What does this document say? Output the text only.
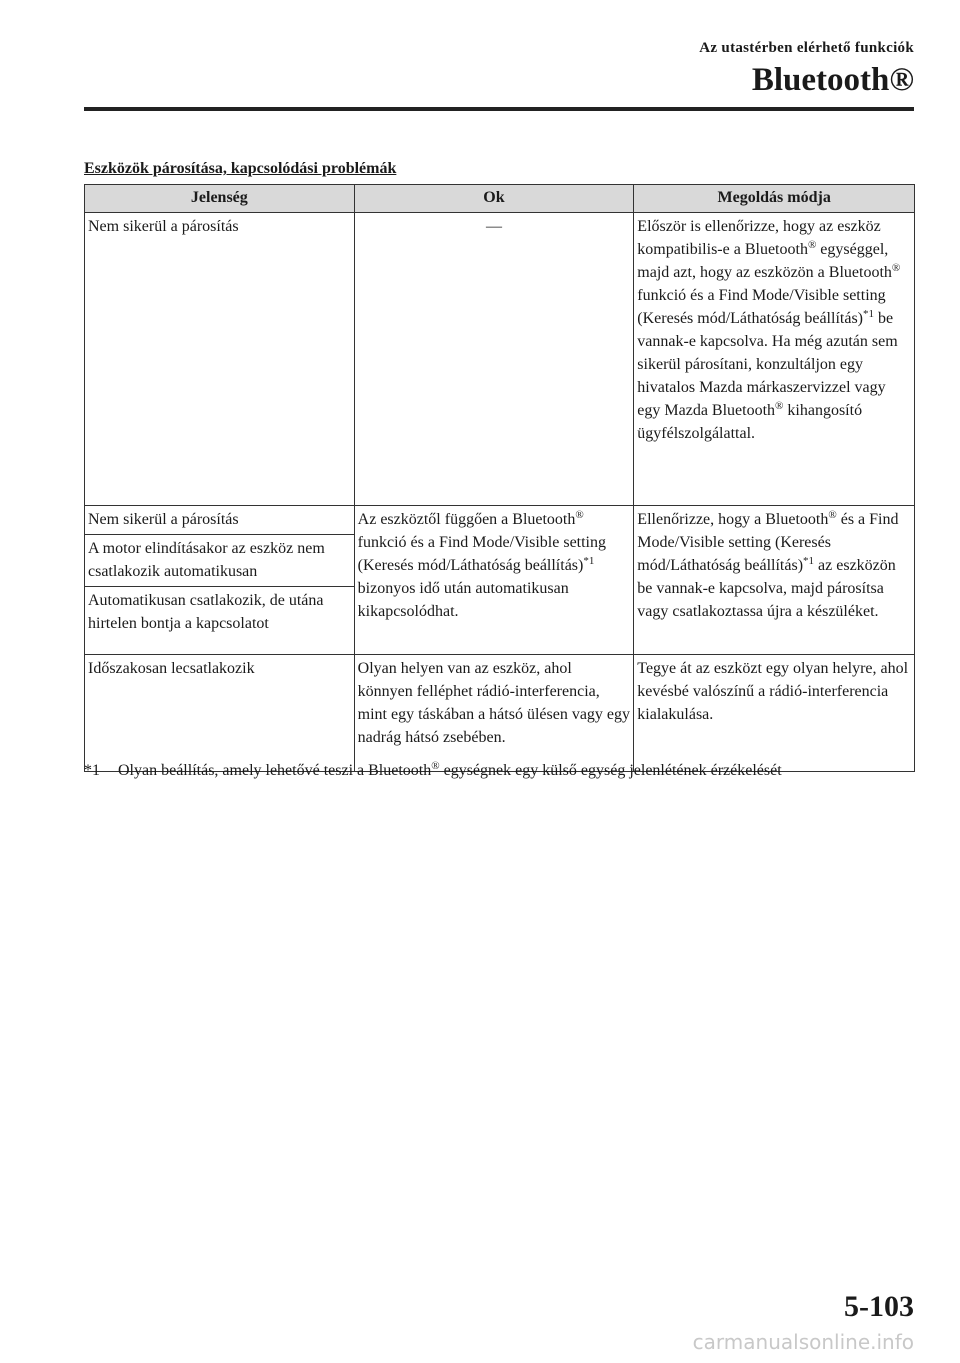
Az utastérben elérhető funkciók
Bluetooth®
Eszközök párosítása, kapcsolódási problémák
Jelenség	Ok	Megoldás módja
Nem sikerül a párosítás	—	Először is ellenőrizze, hogy az eszköz kompatibilis-e a Bluetooth® egységgel, majd azt, hogy az eszközön a Bluetooth® funkció és a Find Mode/Visible setting (Keresés mód/Láthatóság beállítás)$^{*1}$ be vannak-e kapcsolva. Ha még azután sem sikerül párosítani, konzultáljon egy hivatalos Mazda márkaszervizzel vagy egy Mazda Bluetooth® kihangosító ügyfélszolgálattal.
Nem sikerül a párosítás	Az eszköztől függően a Bluetooth® funkció és a Find Mode/Visible setting (Keresés mód/Láthatóság beállítás)$^{*1}$ bizonyos idő után automatikusan kikapcsolódhat.	Ellenőrizze, hogy a Bluetooth® és a Find Mode/Visible setting (Keresés mód/Láthatóság beállítás)$^{*1}$ az eszközön be vannak-e kapcsolva, majd párosítsa vagy csatlakoztassa újra a készüléket.
A motor elindításakor az eszköz nem csatlakozik automatikusan		
Automatikusan csatlakozik, de utána hirtelen bontja a kapcsolatot		
Időszakosan lecsatlakozik	Olyan helyen van az eszköz, ahol könnyen felléphet rádió-interferencia, mint egy táskában a hátsó ülésen vagy egy nadrág hátsó zsebében.	Tegye át az eszközt egy olyan helyre, ahol kevésbé valószínű a rádió-interferencia kialakulása.
*1 Olyan beállítás, amely lehetővé teszi a Bluetooth® egységnek egy külső egység jelenlétének érzékelését
5-103
carmanualsonline.info
